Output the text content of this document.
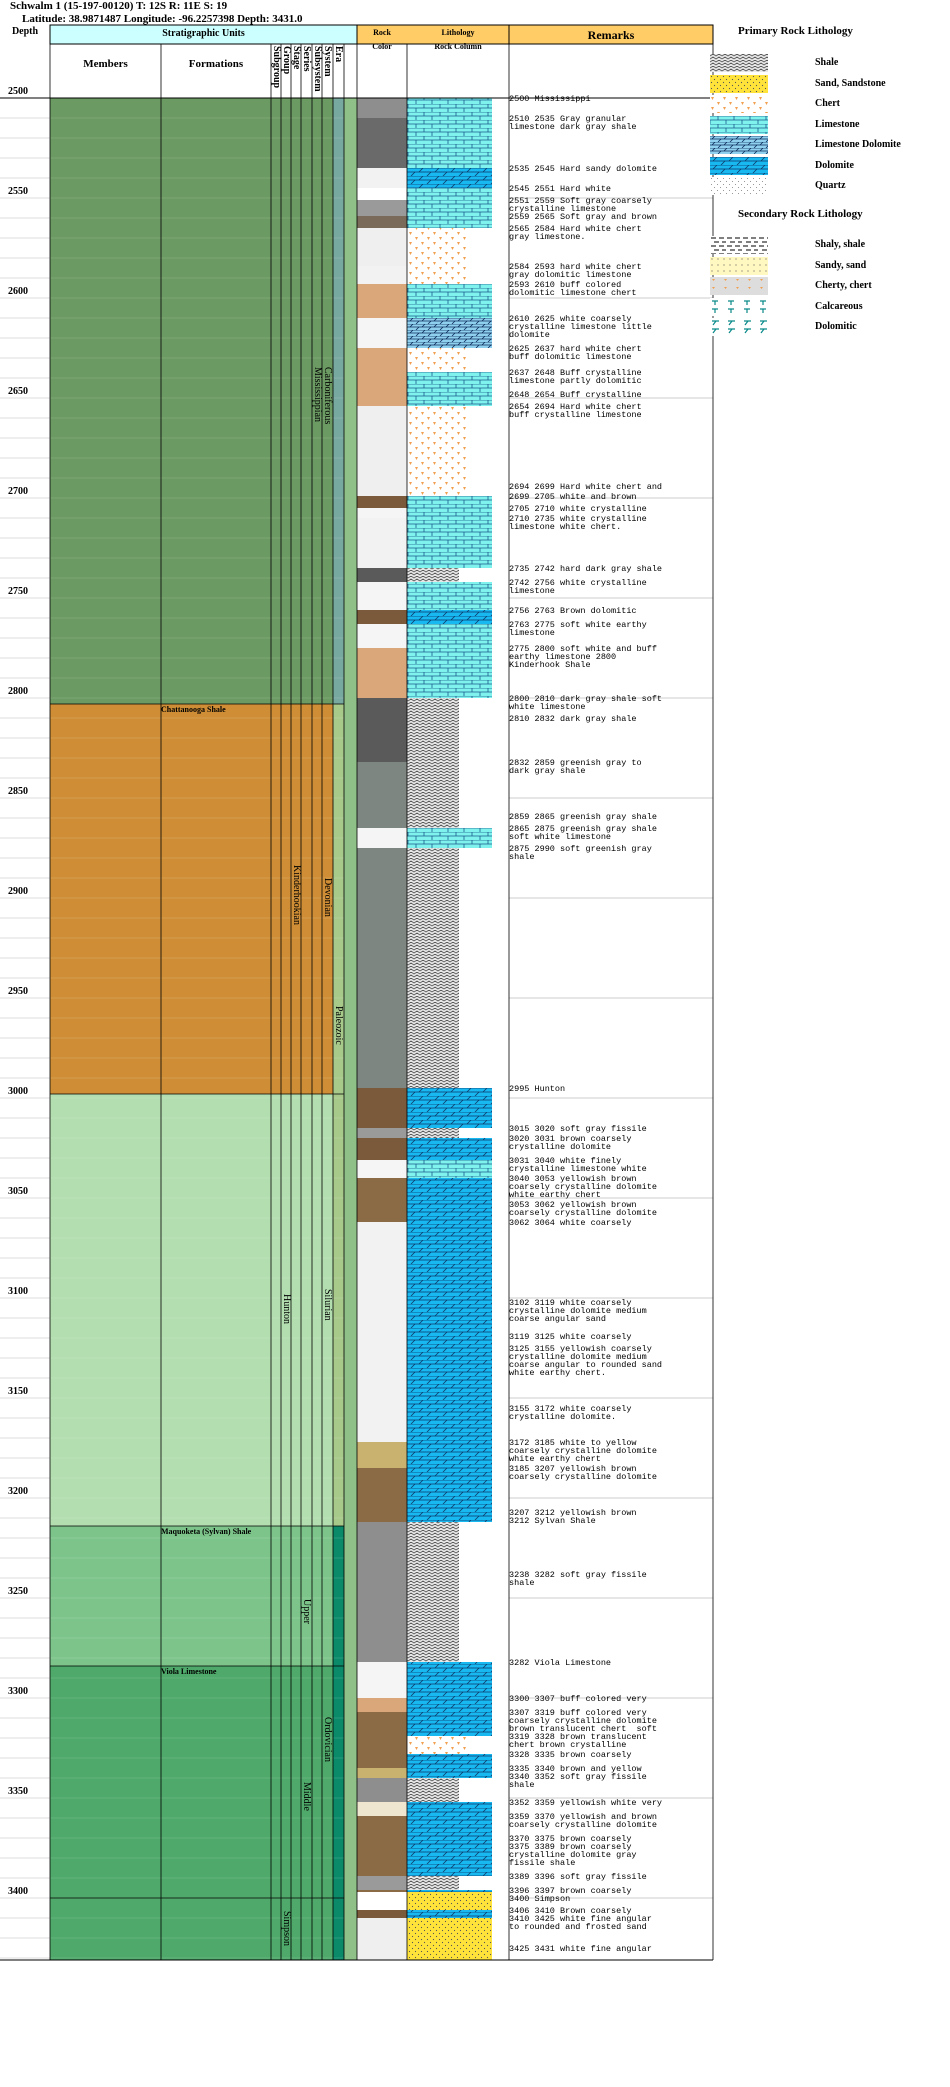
Schwalm 1 (15-197-00120) T: 12S R: 11E S: 19
Latitude: 38.9871487 Longitude: -96.2257398 Depth: 3431.0
Depth	Stratigraphic Units
Members	Formations
Rock
Color
Lithology
Rock Column
Remarks
Subgroup Group Stage Series Subsystem System Era
2500
2550
2600
2650
2700
2750
2800
2850
2900
2950
3000
3050
3100
3150
3200
3250
3300
3350
3400
Chattanooga Shale
Maquoketa (Sylvan) Shale
Viola Limestone
Hunton
Simpson
Kinderhookian
Upper
Middle
Mississippian Carboniferous
Devonian
Silurian
Ordovician
Paleozoic
2500 Mississippi
2510 2535 Gray granular
limestone dark gray shale
2535 2545 Hard sandy dolomite
2545 2551 Hard white
2551 2559 Soft gray coarsely
crystalline limestone
2559 2565 Soft gray and brown
2565 2584 Hard white chert
gray limestone.
2584 2593 hard white chert
gray dolomitic limestone
2593 2610 buff colored
dolomitic limestone chert
2610 2625 white coarsely
crystalline limestone little
dolomite
2625 2637 hard white chert
buff dolomitic limestone
2637 2648 Buff crystalline
limestone partly dolomitic
2648 2654 Buff crystalline
2654 2694 Hard white chert
buff crystalline limestone
2694 2699 Hard white chert and
2699 2705 white and brown
2705 2710 white crystalline
2710 2735 white crystalline
limestone white chert.
2735 2742 hard dark gray shale
2742 2756 white crystalline
limestone
2756 2763 Brown dolomitic
2763 2775 soft white earthy
limestone
2775 2800 soft white and buff
earthy limestone 2800
Kinderhook Shale
2800 2810 dark gray shale soft
white limestone
2810 2832 dark gray shale
2832 2859 greenish gray to
dark gray shale
2859 2865 greenish gray shale
2865 2875 greenish gray shale
soft white limestone
2875 2990 soft greenish gray
shale
2995 Hunton
3015 3020 soft gray fissile
3020 3031 brown coarsely
crystalline dolomite
3031 3040 white finely
crystalline limestone white
3040 3053 yellowish brown
coarsely crystalline dolomite
white earthy chert
3053 3062 yellowish brown
coarsely crystalline dolomite
3062 3064 white coarsely
3102 3119 white coarsely
crystalline dolomite medium
coarse angular sand
3119 3125 white coarsely
3125 3155 yellowish coarsely
crystalline dolomite medium
coarse angular to rounded sand
white earthy chert.
3155 3172 white coarsely
crystalline dolomite.
3172 3185 white to yellow
coarsely crystalline dolomite
white earthy chert
3185 3207 yellowish brown
coarsely crystalline dolomite
3207 3212 yellowish brown
3212 Sylvan Shale
3238 3282 soft gray fissile
shale
3282 Viola Limestone
3300 3307 buff colored very
3307 3319 buff colored very
coarsely crystalline dolomite
brown translucent chert  soft
3319 3328 brown translucent
chert brown crystalline
3328 3335 brown coarsely
3335 3340 brown and yellow
3340 3352 soft gray fissile
shale
3352 3359 yellowish white very
3359 3370 yellowish and brown
coarsely crystalline dolomite
3370 3375 brown coarsely
3375 3389 brown coarsely
crystalline dolomite gray
fissile shale
3389 3396 soft gray fissile
3396 3397 brown coarsely
3400 Simpson
3406 3410 Brown coarsely
3410 3425 white fine angular
to rounded and frosted sand
3425 3431 white fine angular
Primary Rock Lithology
Secondary Rock Lithology
Shale
Sand, Sandstone
Chert
Limestone
Limestone Dolomite
Dolomite
Quartz
Shaly, shale
Sandy, sand
Cherty, chert
Calcareous
Dolomitic
